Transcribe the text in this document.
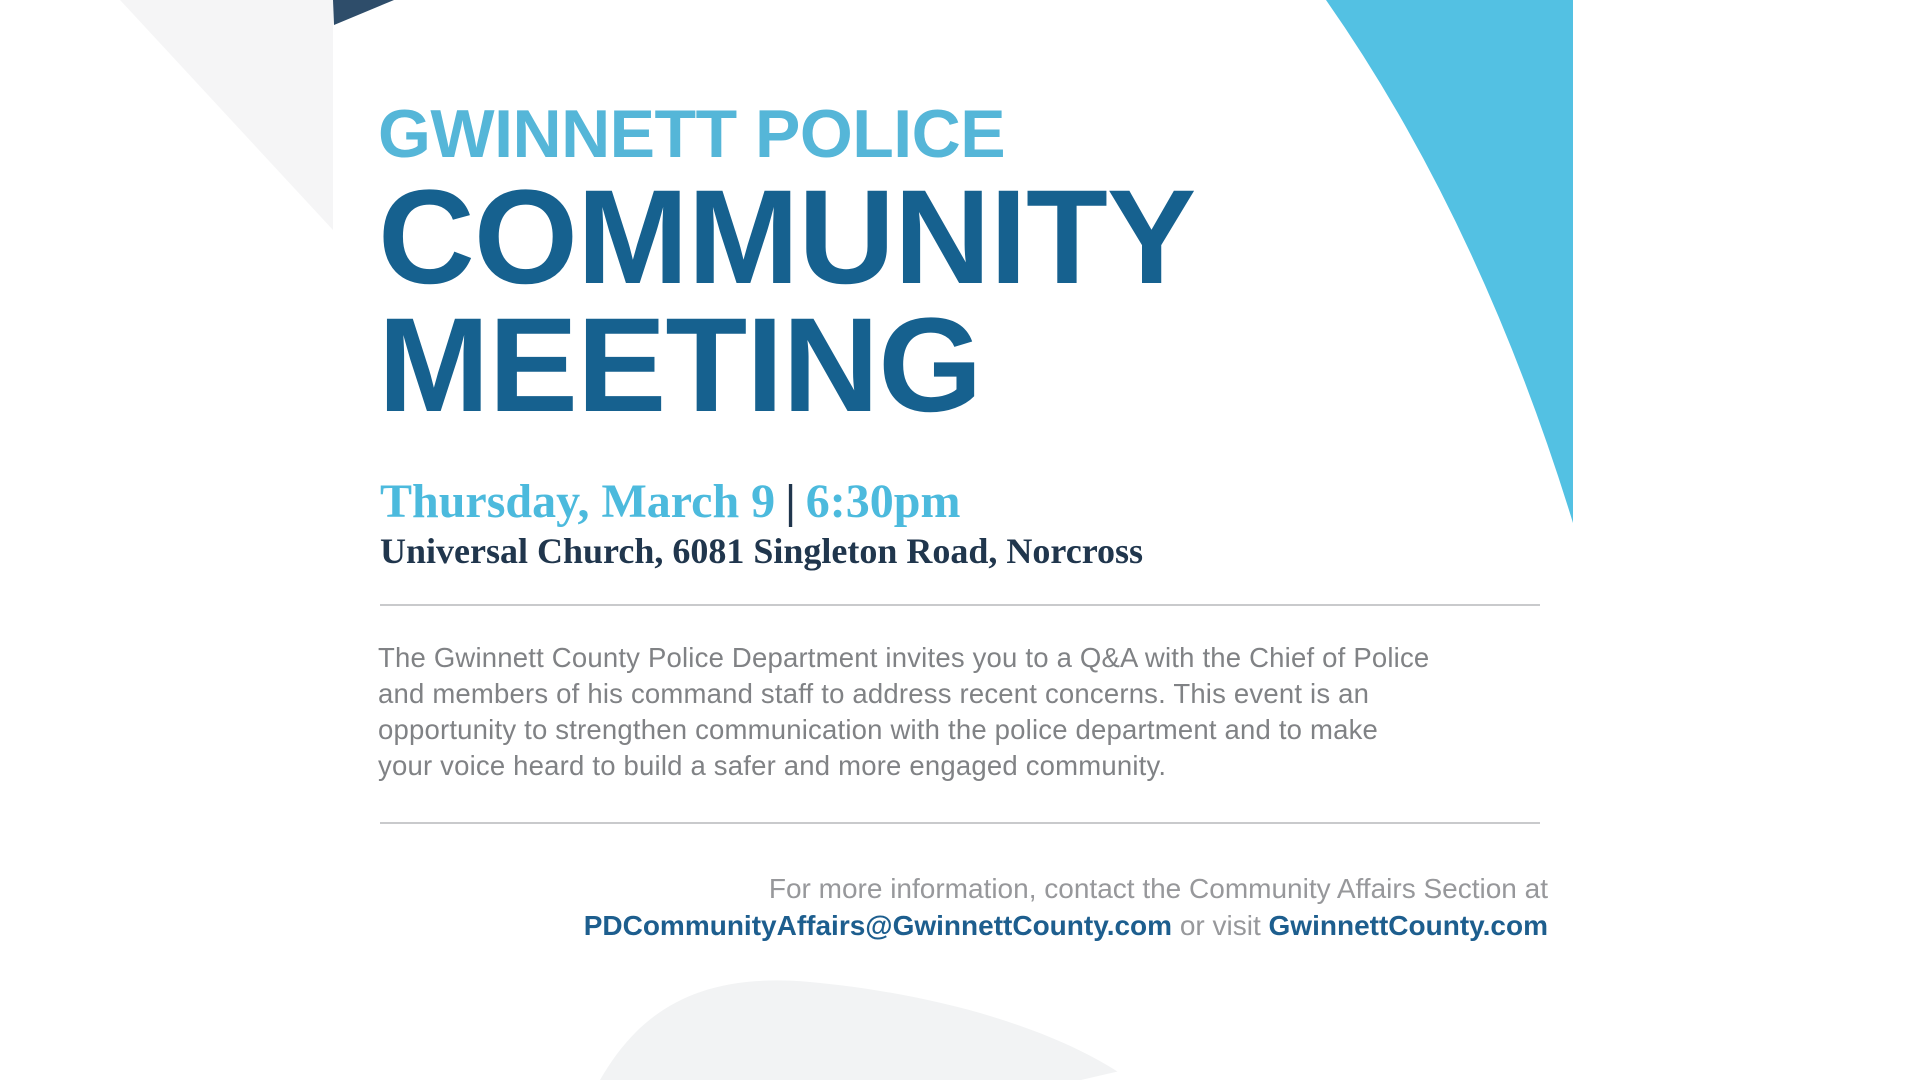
GWINNETT POLICE
COMMUNITY
MEETING
Thursday, March 9 | 6:30pm
Universal Church, 6081 Singleton Road, Norcross
The Gwinnett County Police Department invites you to a Q&A with the Chief of Police
and members of his command staff to address recent concerns. This event is an
opportunity to strengthen communication with the police department and to make
your voice heard to build a safer and more engaged community.
For more information, contact the Community Affairs Section at
PDCommunityAffairs@GwinnettCounty.com or visit GwinnettCounty.com
